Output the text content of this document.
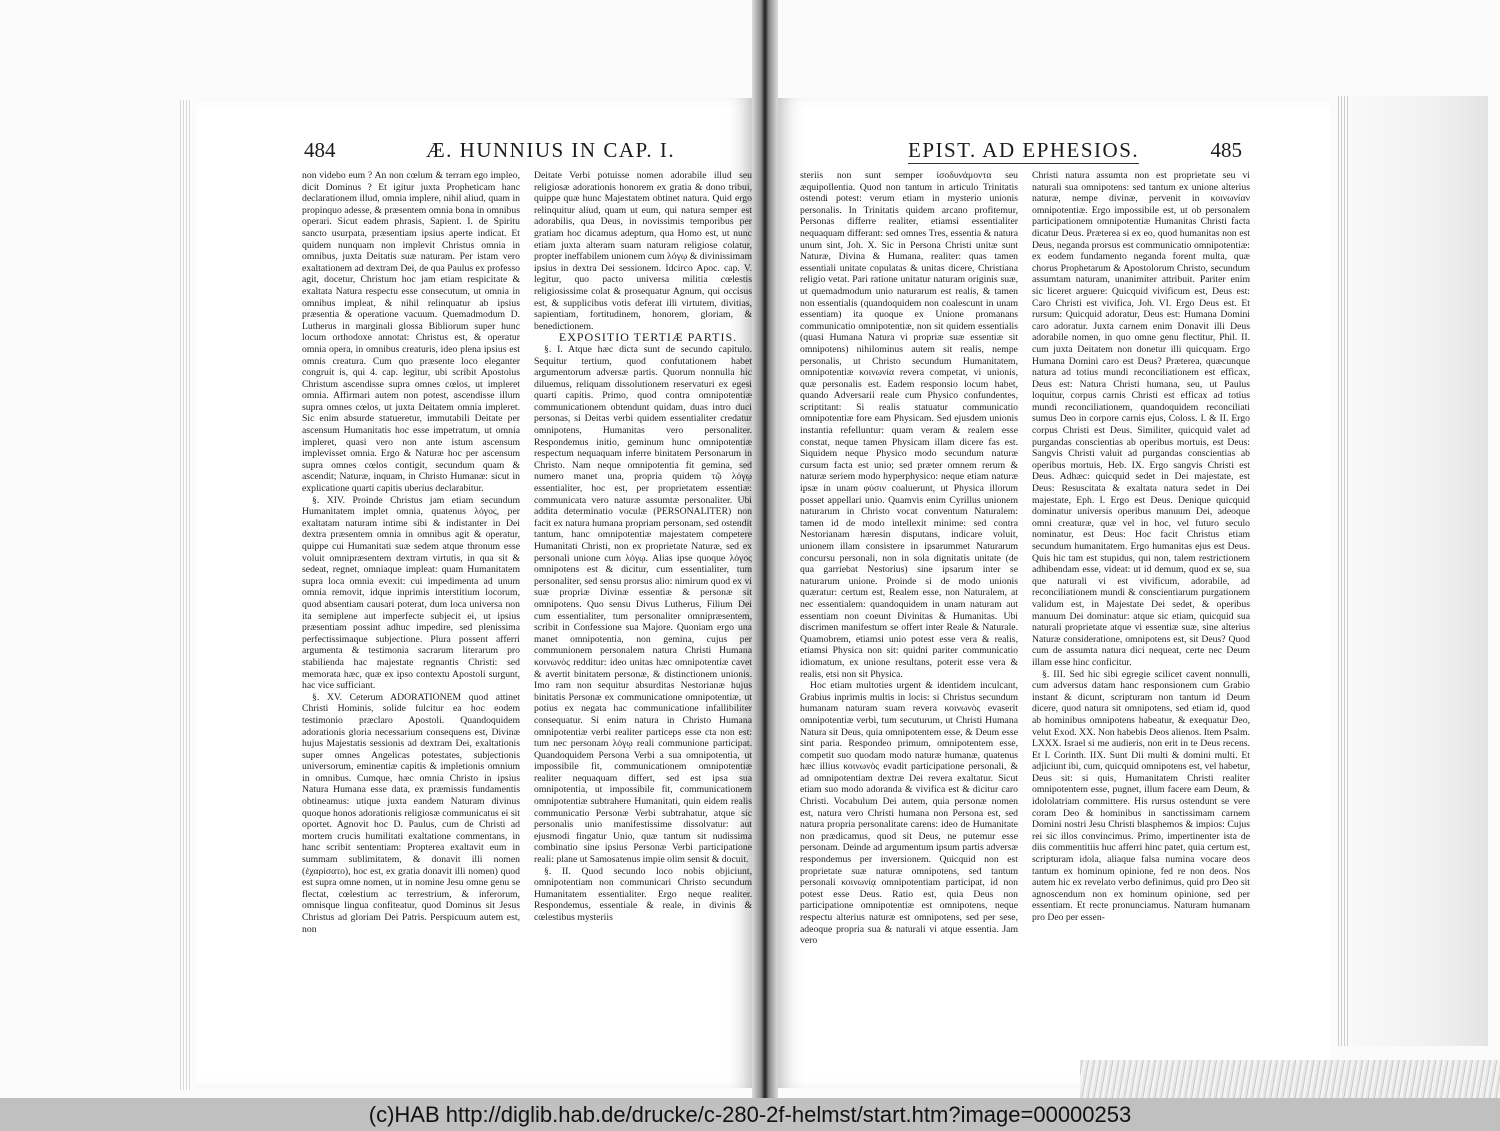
484	Æ. HUNNIUS IN CAP. I.

non videbo eum ? An non cœlum & terram ego impleo, dicit Dominus ? Et igitur juxta Propheticam hanc declarationem illud, omnia implere, nihil aliud, quam in propinquo adesse, & præsentem omnia bona in omnibus operari. Sicut eadem phrasis, Sapient. I. de Spiritu sancto usurpata, præsentiam ipsius aperte indicat. Et quidem nunquam non implevit Christus omnia in omnibus, juxta Deitatis suæ naturam. Per istam vero exaltationem ad dextram Dei, de qua Paulus ex professo agit, docetur, Christum hoc jam etiam respicitate & exaltata Natura respectu esse consecutum, ut omnia in omnibus impleat, & nihil relinquatur ab ipsius præsentia & operatione vacuum. Quemadmodum D. Lutherus in marginali glossa Bibliorum super hunc locum orthodoxe annotat: Christus est, & operatur omnia opera, in omnibus creaturis, ideo plena ipsius est omnis creatura. Cum quo præsente loco eleganter congruit is, qui 4. cap. legitur, ubi scribit Apostolus Christum ascendisse supra omnes cœlos, ut impleret omnia. Affirmari autem non potest, ascendisse illum supra omnes cœlos, ut juxta Deitatem omnia impleret. Sic enim absurde statueretur, immutabili Deitate per ascensum Humanitatis hoc esse impetratum, ut omnia impleret, quasi vero non ante istum ascensum implevisset omnia. Ergo & Naturæ hoc per ascensum supra omnes cœlos contigit, secundum quam & ascendit; Naturæ, inquam, in Christo Humanæ: sicut in explicatione quarti capitis uberius declarabitur.

§. XIV. Proinde Christus jam etiam secundum Humanitatem implet omnia, quatenus λόγος, per exaltatam naturam intime sibi & indistanter in Dei dextra præsentem omnia in omnibus agit & operatur, quippe cui Humanitati suæ sedem atque thronum esse voluit omnipræsentem dextram virtutis, in qua sit & sedeat, regnet, omniaque impleat: quam Humanitatem supra loca omnia evexit: cui impedimenta ad unum omnia removit, idque inprimis interstitium locorum, quod absentiam causari poterat, dum loca universa non ita semiplene aut imperfecte subjecit ei, ut ipsius præsentiam possint adhuc impedire, sed plenissima perfectissimaque subjectione. Plura possent afferri argumenta & testimonia sacrarum literarum pro stabilienda hac majestate regnantis Christi: sed memorata hæc, quæ ex ipso contextu Apostoli surgunt, hac vice sufficiant.

§. XV. Ceterum ADORATIONEM quod attinet Christi Hominis, solide fulcitur ea hoc eodem testimonio præclaro Apostoli. Quandoquidem adorationis gloria necessarium consequens est, Divinæ hujus Majestatis sessionis ad dextram Dei, exaltationis super omnes Angelicas potestates, subjectionis universorum, eminentiæ capitis & impletionis omnium in omnibus. Cumque, hæc omnia Christo in ipsius Natura Humana esse data, ex præmissis fundamentis obtineamus: utique juxta eandem Naturam divinus quoque honos adorationis religiosæ communicatus ei sit oportet. Agnovit hoc D. Paulus, cum de Christi ad mortem crucis humilitati exaltatione commentans, in hanc scribit sententiam: Propterea exaltavit eum in summam sublimitatem, & donavit illi nomen (ἐχαρίσατο), hoc est, ex gratia donavit illi nomen) quod est supra omne nomen, ut in nomine Jesu omne genu se flectat, cœlestium ac terrestrium, & inferorum, omnisque lingua confiteatur, quod Dominus sit Jesus Christus ad gloriam Dei Patris. Perspicuum autem est, non

Deitate Verbi potuisse nomen adorabile illud seu religiosæ adorationis honorem ex gratia & dono tribui, quippe quæ hunc Majestatem obtinet natura. Quid ergo relinquitur aliud, quam ut eum, qui natura semper est adorabilis, qua Deus, in novissimis temporibus per gratiam hoc dicamus adeptum, qua Homo est, ut nunc etiam juxta alteram suam naturam religiose colatur, propter ineffabilem unionem cum λόγῳ & divinissimam ipsius in dextra Dei sessionem. Idcirco Apoc. cap. V. legitur, quo pacto universa militia cœlestis religiosissime colat & prosequatur Agnum, qui occisus est, & supplicibus votis deferat illi virtutem, divitias, sapientiam, fortitudinem, honorem, gloriam, & benedictionem.

EXPOSITIO TERTIÆ PARTIS.

§. I. Atque hæc dicta sunt de secundo capitulo. Sequitur tertium, quod confutationem habet argumentorum adversæ partis. Quorum nonnulla hic diluemus, reliquam dissolutionem reservaturi ex egesi quarti capitis. Primo, quod contra omnipotentiæ communicationem obtendunt quidam, duas intro duci personas, si Deitas verbi quidem essentialiter credatur omnipotens, Humanitas vero personaliter. Respondemus initio, geminum hunc omnipotentiæ respectum nequaquam inferre binitatem Personarum in Christo. Nam neque omnipotentia fit gemina, sed numero manet una, propria quidem τῷ λόγῳ essentialiter, hoc est, per proprietatem essentiæ: communicata vero naturæ assumtæ personaliter. Ubi addita determinatio voculæ (PERSONALITER) non facit ex natura humana propriam personam, sed ostendit tantum, hanc omnipotentiæ majestatem competere Humanitati Christi, non ex proprietate Naturæ, sed ex personali unione cum λόγῳ. Alias ipse quoque λόγος omnipotens est & dicitur, cum essentialiter, tum personaliter, sed sensu prorsus alio: nimirum quod ex vi suæ propriæ Divinæ essentiæ & personæ sit omnipotens. Quo sensu Divus Lutherus, Filium Dei cum essentialiter, tum personaliter omnipræsentem, scribit in Confessione sua Majore. Quoniam ergo una manet omnipotentia, non gemina, cujus per communionem personalem natura Christi Humana κοινωνὸς redditur: ideo unitas hæc omnipotentiæ cavet & avertit binitatem personæ, & distinctionem unionis. Imo ram non sequitur absurditas Nestorianæ hujus binitatis Personæ ex communicatione omnipotentiæ, ut potius ex negata hac communicatione infallibiliter consequatur. Si enim natura in Christo Humana omnipotentiæ verbi realiter particeps esse cta non est: tum nec personam λόγῳ reali communione participat. Quandoquidem Persona Verbi a sua omnipotentia, ut impossibile fit, communicationem omnipotentiæ realiter nequaquam differt, sed est ipsa sua omnipotentia, ut impossibile fit, communicationem omnipotentiæ subtrahere Humanitati, quin eidem realis communicatio Personæ Verbi subtrahatur, atque sic personalis unio manifestissime dissolvatur: aut ejusmodi fingatur Unio, quæ tantum sit nudissima combinatio sine ipsius Personæ Verbi participatione reali: plane ut Samosatenus impie olim sensit & docuit.

§. II. Quod secundo loco nobis objiciunt, omnipotentiam non communicari Christo secundum Humanitatem essentialiter. Ergo neque realiter. Respondemus, essentiale & reale, in divinis & cœlestibus mysteriis

EPIST. AD EPHESIOS.	485

steriis non sunt semper ἰσοδυνάμοντα seu æquipollentia. Quod non tantum in articulo Trinitatis ostendi potest: verum etiam in mysterio unionis personalis. In Trinitatis quidem arcano profitemur, Personas differre realiter, etiamsi essentialiter nequaquam differant: sed omnes Tres, essentia & natura unum sint, Joh. X. Sic in Persona Christi unitæ sunt Naturæ, Divina & Humana, realiter: quas tamen essentiali unitate copulatas & unitas dicere, Christiana religio vetat. Pari ratione unitatur naturam originis suæ, ut quemadmodum unio naturarum est realis, & tamen non essentialis (quandoquidem non coalescunt in unam essentiam) ita quoque ex Unione promanans communicatio omnipotentiæ, non sit quidem essentialis (quasi Humana Natura vi propriæ suæ essentiæ sit omnipotens) nihilominus autem sit realis, nempe personalis, ut Christo secundum Humanitatem, omnipotentiæ κοινωνία revera competat, vi unionis, quæ personalis est. Eadem responsio locum habet, quando Adversarii reale cum Physico confundentes, scriptitant: Si realis statuatur communicatio omnipotentiæ fore eam Physicam. Sed ejusdem unionis instantia refelluntur: quam veram & realem esse constat, neque tamen Physicam illam dicere fas est. Siquidem neque Physico modo secundum naturæ cursum facta est unio; sed præter omnem rerum & naturæ seriem modo hyperphysico: neque etiam naturæ ipsæ in unam φύσιν coaluerunt, ut Physica illorum posset appellari unio. Quamvis enim Cyrillus unionem naturarum in Christo vocat conventum Naturalem: tamen id de modo intellexit minime: sed contra Nestorianam hæresin disputans, indicare voluit, unionem illam consistere in ipsarummet Naturarum concursu personali, non in sola dignitatis unitate (de qua garriebat Nestorius) sine ipsarum inter se naturarum unione. Proinde si de modo unionis quæratur: certum est, Realem esse, non Naturalem, at nec essentialem: quandoquidem in unam naturam aut essentiam non coeunt Divinitas & Humanitas. Ubi discrimen manifestum se offert inter Reale & Naturale. Quamobrem, etiamsi unio potest esse vera & realis, etiamsi Physica non sit: quidni pariter communicatio idiomatum, ex unione resultans, poterit esse vera & realis, etsi non sit Physica.

Hoc etiam multoties urgent & identidem inculcant, Grabius inprimis multis in locis: si Christus secundum humanam naturam suam revera κοινωνὸς evaserit omnipotentiæ verbi, tum secuturum, ut Christi Humana Natura sit Deus, quia omnipotentem esse, & Deum esse sint paria. Respondeo primum, omnipotentem esse, competit suo quodam modo naturæ humanæ, quatenus hæc illius κοινωνὸς evadit participatione personali, & ad omnipotentiam dextræ Dei revera exaltatur. Sicut etiam suo modo adoranda & vivifica est & dicitur caro Christi. Vocabulum Dei autem, quia personæ nomen est, natura vero Christi humana non Persona est, sed natura propria personalitate carens: ideo de Humanitate non prædicamus, quod sit Deus, ne putemur esse personam. Deinde ad argumentum ipsum partis adversæ respondemus per inversionem. Quicquid non est proprietate suæ naturæ omnipotens, sed tantum personali κοινωνίᾳ omnipotentiam participat, id non potest esse Deus. Ratio est, quia Deus non participatione omnipotentiæ est omnipotens, neque respectu alterius naturæ est omnipotens, sed per sese, adeoque propria sua & naturali vi atque essentia. Jam vero

Christi natura assumta non est proprietate seu vi naturali sua omnipotens: sed tantum ex unione alterius naturæ, nempe divinæ, pervenit in κοινωνίαν omnipotentiæ. Ergo impossibile est, ut ob personalem participationem omnipotentiæ Humanitas Christi facta dicatur Deus. Præterea si ex eo, quod humanitas non est Deus, neganda prorsus est communicatio omnipotentiæ: ex eodem fundamento neganda forent multa, quæ chorus Prophetarum & Apostolorum Christo, secundum assumtam naturam, unanimiter attribuit. Pariter enim sic liceret arguere: Quicquid vivificum est, Deus est: Caro Christi est vivifica, Joh. VI. Ergo Deus est. Et rursum: Quicquid adoratur, Deus est: Humana Domini caro adoratur. Juxta carnem enim Donavit illi Deus adorabile nomen, in quo omne genu flectitur, Phil. II. cum juxta Deitatem non donetur illi quicquam. Ergo Humana Domini caro est Deus? Præterea, quæcunque natura ad totius mundi reconciliationem est efficax, Deus est: Natura Christi humana, seu, ut Paulus loquitur, corpus carnis Christi est efficax ad totius mundi reconciliationem, quandoquidem reconciliati sumus Deo in corpore carnis ejus, Coloss. I. & II. Ergo corpus Christi est Deus. Similiter, quicquid valet ad purgandas conscientias ab operibus mortuis, est Deus: Sangvis Christi valuit ad purgandas conscientias ab operibus mortuis, Heb. IX. Ergo sangvis Christi est Deus. Adhæc: quicquid sedet in Dei majestate, est Deus: Resuscitata & exaltata natura sedet in Dei majestate, Eph. I. Ergo est Deus. Denique quicquid dominatur universis operibus manuum Dei, adeoque omni creaturæ, quæ vel in hoc, vel futuro seculo nominatur, est Deus: Hoc facit Christus etiam secundum humanitatem. Ergo humanitas ejus est Deus. Quis hic tam est stupidus, qui non, talem restrictionem adhibendam esse, videat: ut id demum, quod ex se, sua que naturali vi est vivificum, adorabile, ad reconciliationem mundi & conscientiarum purgationem validum est, in Majestate Dei sedet, & operibus manuum Dei dominatur: atque sic etiam, quicquid sua naturali proprietate atque vi essentiæ suæ, sine alterius Naturæ consideratione, omnipotens est, sit Deus? Quod cum de assumta natura dici nequeat, certe nec Deum illam esse hinc conficitur.

§. III. Sed hic sibi egregie scilicet cavent nonnulli, cum adversus datam hanc responsionem cum Grabio instant & dicunt, scripturam non tantum id Deum dicere, quod natura sit omnipotens, sed etiam id, quod ab hominibus omnipotens habeatur, & exequatur Deo, velut Exod. XX. Non habebis Deos alienos. Item Psalm. LXXX. Israel si me audieris, non erit in te Deus recens. Et I. Corinth. IIX. Sunt Dii multi & domini multi. Et adjiciunt ibi, cum, quicquid omnipotens est, vel habetur, Deus sit: si quis, Humanitatem Christi realiter omnipotentem esse, pugnet, illum facere eam Deum, & idololatriam committere. His rursus ostendunt se vere coram Deo & hominibus in sanctissimam carnem Domini nostri Jesu Christi blasphemos & impios: Cujus rei sic illos convincimus. Primo, impertinenter ista de diis commentitiis huc afferri hinc patet, quia certum est, scripturam idola, aliaque falsa numina vocare deos tantum ex hominum opinione, fed re non deos. Nos autem hic ex revelato verbo definimus, quid pro Deo sit agnoscendum non ex hominum opinione, sed per essentiam. Et recte pronunciamus. Naturam humanam pro Deo per essen-

(c)HAB http://diglib.hab.de/drucke/c-280-2f-helmst/start.htm?image=00000253
